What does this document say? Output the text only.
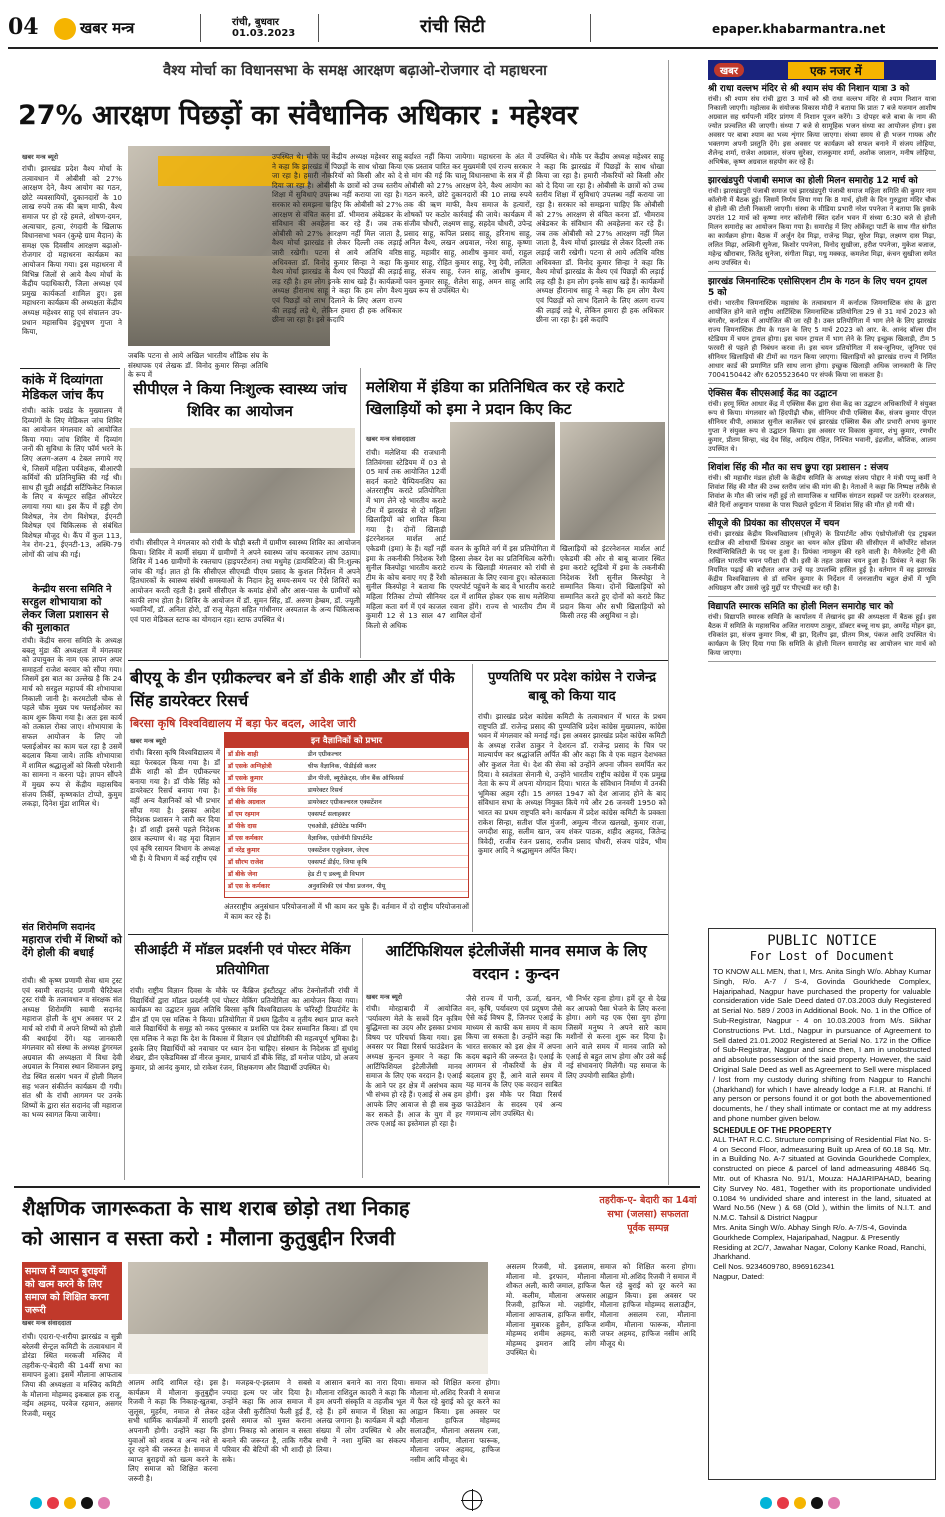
04	खबर मन्त्र	रांची, बुधवार
01.03.2023	रांची सिटी	epaper.khabarmantra.net
वैश्य मोर्चा का विधानसभा के समक्ष आरक्षण बढ़ाओ-रोजगार दो महाधरना
27% आरक्षण पिछड़ों का संवैधानिक अधिकार : महेश्वर
खबर मन्त्र ब्यूरो
रांची। झारखंड प्रदेश वैश्य मोर्चा के तत्वावधान में ओबीसी को 27% आरक्षण देने, वैश्य आयोग का गठन, छोटे व्यवसायियों, दुकानदारों के 10 लाख रुपये तक की ऋण माफी, वैश्य समाज पर हो रहे हमले, शोषण-दमन, अत्याचार, हत्या, रंगदारी के खिलाफ विधानसभा भवन (कुम्हे ग्राम मैदान) के समक्ष एक दिवसीय आरक्षण बढ़ाओ-रोजगार दो महाधरना कार्यक्रम का आयोजन किया गया। इस महाधरना में विभिन्न जिलों से आये वैश्य मोर्चा के केंद्रीय पदाधिकारी, जिला अध्यक्ष एवं प्रमुख कार्यकर्ता शामिल हुए। इस महाधरना कार्यक्रम की अध्यक्षता केंद्रीय अध्यक्ष महेश्वर साहू एवं संचालन उप-प्रधान महासचिव इंदुभूषण गुप्ता ने किया,
जबकि पटना से आये अखिल भारतीय शौंडिक संघ के संस्थापक एवं लेखक डॉ. विनोद कुमार सिन्हा अतिथि के रूप में
उपस्थित थे। मौके पर केंद्रीय अध्यक्ष महेश्वर साहू ने कहा कि झारखंड में पिछड़ों के साथ धोखा किया जा रहा है। हमारी नौकरियों को किसी और को दे दिया जा रहा है। ओबीसी के छात्रों को उच्च स्तरीय शिक्षा में सुविधाएं उपलब्ध नहीं कराया जा रहा है। सरकार को समझना चाहिए कि ओबीसी को 27% आरक्षण से वंचित करना डॉ. भीमराव अंबेडकर के संविधान की अवहेलना कर रहे हैं। जब तक ओबीसी को 27% आरक्षण नहीं मिल जाता है, वैश्य मोर्चा झारखंड से लेकर दिल्ली तक लड़ाई जारी रखेगी। पटना से आये अतिथि वरिष्ठ अधिवक्ता डॉ. विनोद कुमार सिन्हा ने कहा कि वैश्य मोर्चा झारखंड के वैश्य एवं पिछड़ों की लड़ाई लड़ रही है। हम लोग इनके साथ खड़े हैं। कार्यक्रमों अध्यक्ष हीरानाथ साहू ने कहा कि हम लोग वैश्य एवं पिछड़ों को लाभ दिलाने के लिए अलग राज्य की लड़ाई लड़े थे, लेकिन हमारा ही हक अधिकार छीना जा रहा है। इसे कदापि
बर्दाश्त नहीं किया जायेगा। महाधरना के अंत में एक प्रस्ताव पारित कर मुख्यमंत्री एवं राज्य सरकार से मांग की गई कि चालू विधानसभा के सत्र में ही ओबीसी को 27% आरक्षण देने, वैश्य आयोग का गठन करने, छोटे दुकानदारों की 10 लाख रुपये तक की ऋण माफी, वैश्य समाज के हत्यारों, शोषकों पर कठोर कार्रवाई की जाये। कार्यक्रम में संजीव चौधरी, लक्ष्मण साहू, सहदेव चौधरी, उपेन्द्र प्रसाद साहू, कपिल प्रसाद साहू, हरिनाथ साहू, अनिल वैश्य, लखन अग्रवाल, नरेश साहू, कृष्णा साहू, महावीर साहू, आशीष कुमार वर्मा, राहुल कुमार साहू, रोहित कुमार साहू, रेणु देवी, ललिता साहू, संजय साहू, रंजन साहू, आशीष कुमार, पवन कुमार साहू, शैलेश साहू, अमन साहू आदि मुख्य रूप से उपस्थित थे।
उपस्थित थे। मौके पर केंद्रीय अध्यक्ष महेश्वर साहू ने कहा कि झारखंड में पिछड़ों के साथ धोखा किया जा रहा है। हमारी नौकरियों को किसी और को दे दिया जा रहा है। ओबीसी के छात्रों को उच्च स्तरीय शिक्षा में सुविधाएं उपलब्ध नहीं कराया जा रहा है। सरकार को समझना चाहिए कि ओबीसी को 27% आरक्षण से वंचित करना डॉ. भीमराव अंबेडकर के संविधान की अवहेलना कर रहे हैं। जब तक ओबीसी को 27% आरक्षण नहीं मिल जाता है, वैश्य मोर्चा झारखंड से लेकर दिल्ली तक लड़ाई जारी रखेगी। पटना से आये अतिथि वरिष्ठ अधिवक्ता डॉ. विनोद कुमार सिन्हा ने कहा कि वैश्य मोर्चा झारखंड के वैश्य एवं पिछड़ों की लड़ाई लड़ रही है। हम लोग इनके साथ खड़े हैं। कार्यक्रमों अध्यक्ष हीरानाथ साहू ने कहा कि हम लोग वैश्य एवं पिछड़ों को लाभ दिलाने के लिए अलग राज्य की लड़ाई लड़े थे, लेकिन हमारा ही हक अधिकार छीना जा रहा है। इसे कदापि
कांके में दिव्यांगता मेडिकल जांच कैंप
रांची। कांके प्रखंड के मुख्यालय में दिव्यांगों के लिए मेडिकल जांच शिविर का आयोजन मंगलवार को आयोजित किया गया। जांच शिविर में दिव्यांग जनों की सुविधा के लिए फॉर्म भरने के लिए अलग-अलग 4 टेबल लगाये गए थे, जिसमें महिला पर्यवेक्षक, बीआरपी कर्मियों की प्रतिनियुक्ति की गई थी। साथ ही यूडी आईडी सर्टिफिकेट निकाल के लिए व कंप्यूटर सहित ऑपरेटर लगाया गया था। इस कैंप में हड्डी रोग विशेषज्ञ, नेत्र रोग विशेषज्ञ, ईएनटी विशेषज्ञ एवं चिकित्सक से संबंधित विशेषज्ञ मौजूद थे। कैंप में कुल 113, नेत्र रोग-21, ईएनटी-13, अस्थि-79 लोगों की जांच की गई।
केन्द्रीय सरना समिति ने
सरहुल शोभायात्रा को लेकर जिला प्रशासन से की मुलाकात
रांची। केंद्रीय सरना समिति के अध्यक्ष बबलू मुंडा की अध्यक्षता में मंगलवार को उपायुक्त के नाम एक ज्ञापन अपर समाहर्ता राजेश बरवार को सौंपा गया। जिसमें इस बात का उल्लेख है कि 24 मार्च को सरहुल महापर्व की शोभायात्रा निकाली जानी है। करमटोली चौक से पहले चौक मुख्य पथ फ्लाईओवर का काम शुरू किया गया है। अतः इस कार्य को तत्काल रोका जाए। शोभायात्रा के सफल आयोजन के लिए जो फ्लाईओवर का काम चल रहा है उसमें बदलाव किया जाये। ताकि शोभायात्रा में शामिल श्रद्धालुओं को किसी परेशानी का सामना न करना पड़े। ज्ञापन सौंपने में मुख्य रूप से केंद्रीय महासचिव संजय तिर्की, कृष्णकांत टोप्पो, कुमुम लकड़ा, दिनेश मुंडा शामिल थे।
संत शिरोमणि सदानंद
महाराज रांची में शिष्यों को देंगे होली की बधाई
रांची। श्री कृष्ण प्रणामी सेवा धाम ट्रस्ट एवं स्वामी सदानंद प्रणामी चैरिटेबल ट्रस्ट रांची के तत्वावधान व संरक्षक संत अध्यक्ष शिरोमणि स्वामी सदानंद महाराज होली के शुभ अवसर पर 2 मार्च को रांची में अपने शिष्यों को होली की बधाईयां देंगे। यह जानकारी मंगलवार को संस्था के अध्यक्ष डुंगरमल अग्रवाल की अध्यक्षता में विधा देवी अग्रवाल के निवास स्थान शिवाजन इस्पु रोड स्थित सत्संग भवन में होली मिलन सह भजन संकीर्तन कार्यक्रम दी गयी। संत श्री के रांची आगमन पर उनके शिष्यों के द्वारा संत सदानंद जी महाराज का भव्य स्वागत किया जायेगा।
सीपीएल ने किया निःशुल्क स्वास्थ्य जांच शिविर का आयोजन
रांची। सीसीएल ने मंगलवार को रांची के चौड़ी बस्ती में ग्रामीण स्वास्थ्य शिविर का आयोजन किया। शिविर में कार्मी संख्या में ग्रामीणों ने अपने स्वास्थ्य जांच करवाकर लाभ उठाया। शिविर में 146 ग्रामीणों के रक्तचाप (हाइपरटेंशन) तथा मधुमेह (डायबिटिज) की नि:शुल्क जांच की गई। ज्ञात हो कि सीसीएल सीएमडी पीएम प्रसाद के कुशल निर्देशन में अपने हितधारकों के स्वास्थ्य संबंधी समस्याओं के निदान हेतु समय-समय पर ऐसे शिविरों का आयोजन करती रहती है। इसमें सीसीएल के कमांड क्षेत्रों और आस-पास के ग्रामीणों को काफी लाभ होता है। शिविर के आयोजन में डॉ. सुमन सिंह, डॉ. अरुणा हेम्ब्रम, डॉ. ज्यूली भवानियाँ, डॉ. अनिता होरो, डॉ राजू मेहता सहित गांधीनगर अस्पताल के अन्य चिकित्सक एवं पारा मेडिकल स्टाफ का योगदान रहा। स्टाफ उपस्थित थे।
मलेशिया में इंडिया का प्रतिनिधित्व कर रहे कराटे खिलाड़ियों को इमा ने प्रदान किए किट
खबर मन्त्र संवाददाता
रांची। मलेशिया की राजधानी तितिवंगसा स्टेडियम में 03 से 05 मार्च तक आयोजित 12वीं सदर्न कराटे चैम्पियनशिप का अंतरराष्ट्रीय कराटे प्रतियोगिता में भाग लेने रहे भारतीय कराटे टीम में झारखंड से दो महिला खिलाड़ियों को शामिल किया गया है। दोनों खिलाड़ी इंटरनेशनल मार्शल आर्ट एकेडमी (इमा) के हैं। यहाँ नहीं इमा के तकनीकी निदेशक रेंशी सुनील किस्पोट्टा भारतीय कराटे टीम के कोच बनाए गए हैं रेंशी सुनील किस्पोट्टा ने बताया कि महिला रितिका टोप्पो सीनियर महिला कता वर्ग में एवं काजल कुमारी 12 से 13 साल 47 किलो से अधिक
वजन के कुमिते वर्ग में इस प्रतियोगिता में हिस्सा लेकर देश का प्रतिनिधित्व करेंगी। राज्य के खिलाड़ी मंगलवार को रांची से कोलकाता के लिए रवाना हुए। कोलकाता एयरपोर्ट पहुंचने के बाद वे भारतीय कराटे दल में शामिल होकर एक साथ मलेशिया रवाना होंगे। राज्य से भारतीय टीम में शामिल दोनों
खिलाड़ियों को इंटरनेशनल मार्शल आर्ट एकेडमी की ओर से बाबू बाजार स्थित इमा कराटे स्टूडियो में इमा के तकनीकी निदेशक रेंशी सुनील किस्पोट्टा ने सम्मानित किया। दोनों खिलाड़ियों को सम्मानित करते हुए दोनों को कराटे किट प्रदान किया और सभी खिलाड़ियों को किसी तरह की असुविधा न हो।
बीएयू के डीन एग्रीकल्चर बने डॉ डीके शाही और डॉ पीके सिंह डायरेक्टर रिसर्च
बिरसा कृषि विश्वविद्यालय में बड़ा फेर बदल, आदेश जारी
खबर मन्त्र ब्यूरो
रांची। बिरसा कृषि विश्वविद्यालय में बड़ा फेरबदल किया गया है। डॉ डीके शाही को डीन एग्रीकल्चर बनाया गया है। डॉ पीके सिंह को डायरेक्टर रिसर्च बनाया गया है। वहीं अन्य वैज्ञानिकों को भी प्रभार सौंपा गया है। इसका आदेश निदेशक प्रशासन ने जारी कर दिया है। डॉ शाही इससे पहले निदेशक छात्र कल्याण थे। वह मृदा विज्ञान एवं कृषि रसायन विभाग के अध्यक्ष भी हैं। ये विभाग में कई राष्ट्रीय एवं
इन वैज्ञानिकों को प्रभार
डॉ डीके शाही	डीन एग्रीकल्चर
डॉ एसके अग्निहोत्री	चीफ वैज्ञानिक, पीडीईसी कलर
डॉ एसके कुमार	डीन पीजी, ब्यूरोक्रेट्स, जीन बैंक ऑफिसर्स
डॉ पीके सिंह	डायरेक्टर रिसर्च
डॉ बीके अग्रवाल	डायरेक्टर एग्रीकल्चरल एक्सटेंशन
डॉ एम रहमान	एक्सपर्ट सलाहकार
डॉ पीके दास	एचओडी, इंटीग्रेटेड फार्मिंग
डॉ एस कर्मकार	वैज्ञानिक, एग्रोनॉमी डिपार्टमेंट
डॉ नरेंद्र कुमार	एक्सटेंशन एजुकेशन, जेएच
डॉ सौरभ राजेश	एक्सपर्ट डीईए, जिया कृषि
डॉ बीके जेना	हेड टी ए डब्ल्यू डी विभाग
डॉ एस के कर्मकार	अनुवांशिकी एवं पौधा प्रजनन, पीयू
अंतरराष्ट्रीय अनुसंधान परियोजनाओं में भी काम कर चुके हैं। वर्तमान में दो राष्ट्रीय परियोजनाओं में काम कर रहे हैं।
पुण्यतिथि पर प्रदेश कांग्रेस ने राजेन्द्र बाबू को किया याद
रांची। झारखंड प्रदेश कांग्रेस कमिटी के तत्वावधान में भारत के प्रथम राष्ट्रपति डॉ. राजेन्द्र प्रसाद की पुण्यतिथि प्रदेश कांग्रेस मुख्यालय, कांग्रेस भवन में मंगलवार को मनाई गई। इस अवसर झारखंड प्रदेश कांग्रेस कमिटी के अध्यक्ष राजेश ठाकुर ने देशरत्न डॉ. राजेन्द्र प्रसाद के चित्र पर माल्यार्पण कर श्रद्धांजलि अर्पित की और कहा कि वे एक महान देशभक्त और कुशल नेता थे। देश की सेवा को उन्होंने अपना जीवन समर्पित कर दिया। वे स्वतंत्रता सेनानी थे, उन्होंने भारतीय राष्ट्रीय कांग्रेस में एक प्रमुख नेता के रूप में अपना योगदान दिया। भारत के संविधान निर्माण में उनकी भूमिका अहम रही। 15 अगस्त 1947 को देश आजाद होने के बाद संविधान सभा के अध्यक्ष नियुक्त किये गये और 26 जनवरी 1950 को भारत का प्रथम राष्ट्रपति बने। कार्यक्रम में प्रदेश कांग्रेस कमिटी के प्रवक्ता राकेश सिन्हा, सतीश पॉल मुंजनी, अमूल्य नीरज खलखो, कुमार राजा, जगदीश साहू, सलीम खान, जय शंकर पाठक, शहीद अहमद, जितेन्द्र त्रिवेदी, राजीव रंजन प्रसाद, राजीव प्रसाद चौधरी, संजय पांडेय, भीम कुमार आदि ने श्रद्धासुमन अर्पित किए।
सीआईटी में मॉडल प्रदर्शनी एवं पोस्टर मेकिंग प्रतियोगिता
रांची। राष्ट्रीय विज्ञान दिवस के मौके पर कैंब्रिज इंस्टीट्यूट ऑफ टेक्नोलॉजी रांची में विद्यार्थियों द्वारा मॉडल प्रदर्शनी एवं पोस्टर मेकिंग प्रतियोगिता का आयोजन किया गया। कार्यक्रम का उद्घाटन मुख्य अतिथि बिरसा कृषि विश्वविद्यालय के फॉरेस्ट्री डिपार्टमेंट के डीन डॉ एम एस मलिक ने किया। प्रतियोगिता में प्रथम द्वितीय व तृतीय स्थान प्राप्त करने वाले विद्यार्थियों के समूह को नकद पुरस्कार व प्रशस्ति पत्र देकर सम्मानित किया। डॉ एम एस मलिक ने कहा कि देश के विकास में विज्ञान एवं प्रौद्योगिकी की महत्वपूर्ण भूमिका है। इसके लिए विद्यार्थियों को नवाचार पर ध्यान देना चाहिए। संस्थान के निदेशक डॉ सुधांशु शेखर, डीन एकेडमिक्स डॉ नीरज कुमार, प्राचार्य डॉ बीके सिंह, डॉ मनोज पांडेय, प्रो अजय कुमार, प्रो आनंद कुमार, प्रो राकेश रंजन, शिक्षकगण और विद्यार्थी उपस्थित थे।
आर्टिफिशियल इंटेलीजेंसी मानव समाज के लिए वरदान : कुन्दन
खबर मन्त्र ब्यूरो
रांची। मोरहाबादी में आयोजित 'पर्यावरण मेले के सत्रवें दिन कृत्रिम बुद्धिमत्ता का उदय और इसका प्रभाव विषय पर परिचर्चा किया गया। इस अवसर पर विद्या रिसर्च फाउंडेशन के अध्यक्ष कुन्दन कुमार ने कहा कि आर्टिफिशियल इंटेलीजेंसी मानव समाज के लिए एक वरदान है। एआई के आने पर हर क्षेत्र में असंभव काम भी संभव हो रहे हैं। एआई से अब हम आपके लिए आवाज से ही सब कुछ कर सकते हैं। आज के युग में हर तरफ एआई का इस्तेमाल हो रहा है।
जैसे राज्य में पानी, ऊर्जा, खनन, वन, कृषि, पर्यावरण एवं प्रदूषण जैसे ऐसे कई विषय हैं, जिनपर एआई के माध्यम से काफी कम समय में काम किया जा सकता है। उन्होंने कहा कि भारत सरकार को इस क्षेत्र में अपना कदम बढ़ाने की जरूरत है। एआई के आगमन से नौकरियों के क्षेत्र में बदलाव हुए हैं, आने वाले समय में यह मानव के लिए एक वरदान साबित होगी। इस मौके पर विद्या रिसर्च फाउंडेशन के सदस्य एवं अन्य गणमान्य लोग उपस्थित थे।
भी निर्भर रहना होगा। हमें दूर से देख कर आपको पैसा भेजने के लिए करना होगा। आगे यह एक ऐसा युग होगा जिसमें मनुष्य ने अपने सारे काम मशीनों से करना शुरू कर दिया है। आने वाले समय में मानव जाति को एआई से बहुत लाभ होगा और उसे कई नई संभावनाएं मिलेंगी। यह समाज के लिए उपयोगी साबित होगी।
शैक्षणिक जागरूकता के साथ शराब छोड़ो तथा निकाह
को आसान व सस्ता करो : मौलाना कुतुबुद्दीन रिजवी
तहरीक-ए- बेदारी का 14वां सभा (जलसा) सफलता पूर्वक सम्पन्न
समाज में व्याप्त बुराइयों को खत्म करने के लिए समाज को शिक्षित करना जरूरी
खबर मन्त्र संवाददाता
रांची। एदारा-ए-शरीया झारखंड व सुन्नी बरेलवी सेन्ट्रल कमिटी के तत्वावधान में डोरंडा स्थित मरकजी मस्जिद में तहरीक-ए-बेदारी की 14वीं सभा का समापन हुआ। इसमें मौलाना आफताब जिया की अध्यक्षता व मस्जिद कमिटी के मौलाना मोहम्मद इकबाल हक राजू, नईम अहमद, परवेज रहमान, असगर रिजवी, मसूद
आलम आदि शामिल रहे। इस कार्यक्रम में मौलाना कुतुबुद्दीन रिजवी ने कहा कि निकाह-खुतबा, जुलूस, मुहर्रम, नमाज से लेकर सभी धार्मिक कार्यक्रमों में सादगी अपनानी होगी। उन्होंने कहा कि युवाओं को शराब व अन्य नशे से दूर रहने की जरूरत है। समाज में व्याप्त बुराइयों को खत्म करने के लिए समाज को शिक्षित करना जरूरी है।
है। मजहब-ए-इस्लाम ने सबसे ज्यादा इल्म पर जोर दिया है। उन्होंने कहा कि आज समाज में दहेज जैसी कुरीतियां फैली हुई हैं, इससे समाज को मुक्त कराना होगा। निकाह को आसान व सस्ता बनाने की जरूरत है, ताकि गरीब परिवार की बेटियों की भी शादी हो सके।
व आसान बनाने का नारा दिया। मौलाना राशिदुल कादरी ने कहा कि हम अपनी संस्कृति व तहजीब भूल रहे हैं। हमें समाज में शिक्षा का अलख जगाना है। कार्यक्रम में बड़ी संख्या में लोग उपस्थित थे और सभी ने नशा मुक्ति का संकल्प लिया।
समाज को शिक्षित करना होगा। मौलाना मो.अशिद रिजवी ने समाज में फैल रहे बुराई को दूर करने का आह्वान किया। इस अवसर पर मौलाना हाफिज मोहम्मद सलाउद्दीन, मौलाना असलम रजा, मौलाना शमीम, मौलाना फारूक, मौलाना जफर अहमद, हाफिज नसीम आदि मौजूद थे।
असलम रिजवी, मो. इसलाम, मौलाना मो. इरफान, मौलाना शौकत अली, कारी जमाल, हाफिज मो. कलीम, मौलाना अफसार रिजवी, हाफिज मो. जहांगीर, मौलाना आफताब, हाफिज सगीर, मौलाना मुबारक हुसैन, हाफिज मोहम्मद शमीम अहमद, कारी मोहम्मद इमरान आदि लोग उपस्थित थे।
समाज को शिक्षित करना होगा। मौलाना मो.अशिद रिजवी ने समाज में फैल रहे बुराई को दूर करने का आह्वान किया। इस अवसर पर मौलाना हाफिज मोहम्मद सलाउद्दीन, मौलाना असलम रजा, मौलाना शमीम, मौलाना फारूक, मौलाना जफर अहमद, हाफिज नसीम आदि मौजूद थे।
खबर	एक नजर में
श्री राधा वल्लभ मंदिर से श्री श्याम संघ की निशान यात्रा 3 को
रांची। श्री श्याम संघ रांची द्वारा 3 मार्च को श्री राधा वल्लभ मंदिर से श्याम निशान यात्रा निकाली जाएगी। महोत्सव के संयोजक विकास मोदी ने बताया कि प्रातः 7 बजे यजमान आशीष अग्रवाल सह धर्मपत्नी मंदिर प्रांगण में निशान पूजन करेंगे। 3 दोपहर बजे बाबा के नाम की ज्योत प्रज्वलित की जाएगी। संध्या 7 बजे से सामूहिक भजन संध्या का आयोजन होगा। इस अवसर पर बाबा श्याम का भव्य शृंगार किया जाएगा। संध्या समय से ही भजन गायक और भक्तगण अपनी प्रस्तुति देंगे। इस अवसर पर कार्यक्रम को सफल बनाने में संजय लोहिया, शैलेन्द्र शर्मा, राजेश अग्रवाल, संजय सुरेका, राजकुमार शर्मा, अशोक जालान, मनीष लोहिया, अभिषेक, कृष्ण अग्रवाल सहयोग कर रहे हैं।
झारखंडपुरी पंजाबी समाज का होली मिलन समारोह 12 मार्च को
रांची। झारखंडपुरी पंजाबी समाज एवं झारखंडपुरी पंजाबी समाज महिला समिति की कुमार नाम कॉलोनी में बैठक हुई। जिसमें निर्णय लिया गया कि 8 मार्च, होली के दिन गुरुद्वारा मंदिर चौक से होली की टोली निकाली जाएगी। संस्था के मीडिया प्रभारी नरेश पपनेजा ने बताया कि इसके उपरांत 12 मार्च को कृष्णा नगर कॉलोनी स्थित दर्शन भवन में संध्या 6:30 बजे से होली मिलन समारोह का आयोजन किया गया है। समारोह में लिए ऑर्केस्ट्रा पार्टी के साथ गीत संगीत का कार्यक्रम होगा। बैठक में अर्जुन देव मिढ़ा, राजेन्द्र मिढ़ा, सुरेश मिढ़ा, लक्ष्मण दास मिढ़ा, ललित मिढ़ा, अश्विनी सुनेजा, किशोर पपनेजा, विनोद सुखीजा, हरीश पपनेजा, मुकेश बजाज, महेन्द्र खीराबार, जितेंद्र सुनेजा, संगीता मिढ़ा, मधु मक्कड़, कमलेश मिढ़ा, कंचन सुखीजा समेत अन्य उपस्थित थे।
झारखंड जिमनास्टिक एसोसिएशन टीम के गठन के लिए चयन ट्रायल 5 को
रांची। भारतीय जिमनास्टिक महासंघ के तत्वावधान में कर्नाटक जिमनास्टिक संघ के द्वारा आयोजित होने वाले राष्ट्रीय आर्टिस्टिक जिमनास्टिक प्रतियोगिता 29 से 31 मार्च 2023 को बंगलौर, कर्नाटक में आयोजित की जा रही है। उक्त प्रतियोगिता में भाग लेने के लिए झारखंड राज्य जिमनास्टिक टीम के गठन के लिए 5 मार्च 2023 को आर. के. आनंद बॉल्स ग्रीन स्टेडियम में चयन ट्रायल होगा। इस चयन ट्रायल में भाग लेने के लिए इच्छुक खिलाड़ी, टीम 5 फरवरी से पहले ही निबंधन करवा लें। इस चयन प्रतियोगिता में सब-जूनियर, जूनियर एवं सीनियर खिलाड़ियों की टीमों का गठन किया जाएगा। खिलाड़ियों को झारखंड राज्य में निर्मित आधार कार्ड की प्रमाणित प्रति साथ लाना होगा। इच्छुक खिलाड़ी अधिक जानकारी के लिए 7004150442 और 6205523640 पर संपर्क किया जा सकता है।
ऐक्सिस बैंक सीएसआई केंद्र का उद्घाटन
रांची। हरमू स्थित आधार केंद्र में एक्सिस बैंक द्वारा सेवा केंद्र का उद्घाटन अधिकारियों ने संयुक्त रूप से किया। मंगलवार को हिंदपीढ़ी चौक, सीनियर वीपी एक्सिस बैंक, संजय कुमार पीएल सीनियर वीपी, आकाश सुनील कार्लेकर एवं झारखंड एक्सिस बैंक और प्रभारी अभय कुमार गुप्ता ने संयुक्त रूप से उद्घाटन किया। इस अवसर पर विकास कुमार, शंभु कुमार, रणधीर कुमार, प्रीतम सिन्हा, चंद्र देव सिंह, आदित्य रोहित, निश्चित भवानी, इंद्रजीत, कौशिक, आलम उपस्थित थे।
शिवांश सिंह की मौत का सच छुपा रहा प्रशासन : संजय
रांची। श्री महावीर मंडल होली के केंद्रीय समिति के अध्यक्ष संजय पोद्दार ने मंत्री पप्पू कर्मी ने शिवांश सिंह की मौत की उच्च स्तरीय जांच की मांग की है। नेताओं ने कहा कि निष्पक्ष तरीके से शिवांश के मौत की जांच नहीं हुई तो सामाजिक व धार्मिक संगठन सड़कों पर उतरेंगे। दरअसल, बीते दिनों अजुमान पासवा के पास पिछले दुर्घटना में शिवांश सिंह की मौत हो गयी थी।
सीयूजे की प्रियंका का सीएसएल में चयन
रांची। झारखंड केंद्रीय विश्वविद्यालय (सीयूजे) के डिपार्टमेंट ऑफ एंथ्रोपोलॉजी एंड ट्राइबल स्टडीज की शोधार्थी प्रियंका ठाकुर का चयन कोल इंडिया की सीसीएल में कॉर्पोरेट सोशल रिस्पॉन्सिबिलिटी के पद पर हुआ है। प्रियंका नामकुम की रहने वाली है। मैनेजमेंट ट्रेनी की अखिल भारतीय चयन परीक्षा दी थी। इसी के तहत उसका चयन हुआ है। प्रियंका ने कहा कि नियमित पढ़ाई की बदौलत आज उन्हें यह उपलब्धि हासिल हुई है। वर्तमान में वह झारखंड केंद्रीय विश्वविद्यालय से डॉ सचिन कुमार के निर्देशन में जनजातीय बहुल क्षेत्रों में भूमि अधिग्रहण और उससे जुड़े मुद्दों पर पीएचडी कर रही है।
विद्यापति स्मारक समिति का होली मिलन समारोह चार को
रांची। विद्यापति स्मारक समिति के कार्यालय में लेखानंद झा की अध्यक्षता में बैठक हुई। इस बैठक में समिति के महासचिव अजित नारायण ठाकुर, डॉक्टर बच्चू नाथ झा, अमरेंद्र मोहन झा, रविकांत झा, संजय कुमार मिश्र, बी झा, दिलीप झा, प्रीतम मिश्र, पंकज आदि उपस्थित थे। कार्यक्रम के लिए दिया गया कि समिति के होली मिलन समारोह का आयोजन चार मार्च को किया जाएगा।
PUBLIC NOTICE
For Lost of Document
TO KNOW ALL MEN, that I, Mrs. Anita Singh W/o. Abhay Kumar Singh, R/o. A-7 / S-4, Govinda Gourkhede Complex, Hajaripahad, Nagpur have purchased the property for valuable consideration vide Sale Deed dated 07.03.2003 duly Registered at Serial No. 589 / 2003 in Additional Book. No. 1 in the Office of Sub-Registrar, Nagpur - 4 on 10.03.2003 from M/s. Sikhar Constructions Pvt. Ltd., Nagpur in pursuance of Agreement to Sell dated 21.01.2002 Registered at Serial No. 172 in the Office of Sub-Registrar, Nagpur and since then, I am in unobstructed and absolute possession of the said property. However, the said Original Sale Deed as well as Agreement to Sell were misplaced / lost from my custody during shifting from Nagpur to Ranchi (Jharkhand) for which I have already lodge a F.I.R. at Ranchi. If any person or persons found it or got both the abovementioned documents, he / they shall intimate or contact me at my address and phone number given below.
SCHEDULE OF THE PROPERTY
ALL THAT R.C.C. Structure comprising of Residential Flat No. S-4 on Second Floor, admeasuring Built up Area of 60.18 Sq. Mtr. in a Building No. A-7 situated at Govinda Gourkhede Complex, constructed on piece & parcel of land admeasuring 48846 Sq. Mtr. out of Khasra No. 91/1, Mouza: HAJARIPAHAD, bearing City Survey No. 481, Together with its proportionate undivided 0.1084 % undivided share and interest in the land, situated at Ward No.56 (New ) & 68 (Old ), within the limits of N.I.T. and N.M.C. Tahsil & District Nagpur
Mrs. Anita Singh W/o. Abhay Singh R/o. A-7/S-4, Govinda Gourkhede Complex, Hajaripahad, Nagpur. & Presently Residing at 2C/7, Jawahar Nagar, Colony Kanke Road, Ranchi, Jharkhand.
Cell Nos. 9234609780, 8969162341
Nagpur, Dated:
